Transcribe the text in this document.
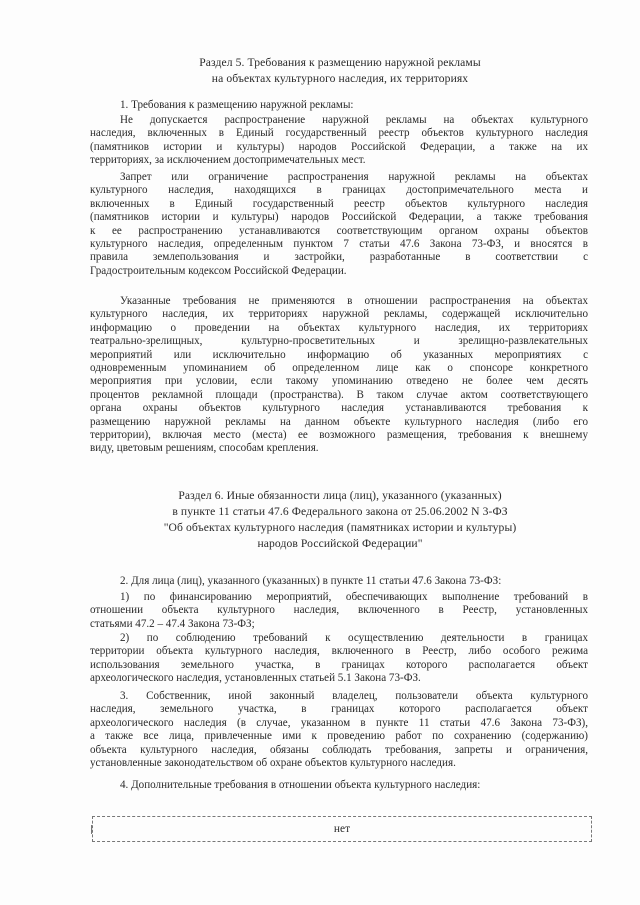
Раздел 5. Требования к размещению наружной рекламы
на объектах культурного наследия, их территориях
1. Требования к размещению наружной рекламы:
Не допускается распространение наружной рекламы на объектах культурного
наследия, включенных в Единый государственный реестр объектов культурного наследия
(памятников истории и культуры) народов Российской Федерации, а также на их
территориях, за исключением достопримечательных мест.
Запрет или ограничение распространения наружной рекламы на объектах
культурного наследия, находящихся в границах достопримечательного места и
включенных в Единый государственный реестр объектов культурного наследия
(памятников истории и культуры) народов Российской Федерации, а также требования
к ее распространению устанавливаются соответствующим органом охраны объектов
культурного наследия, определенным пунктом 7 статьи 47.6 Закона 73-ФЗ, и вносятся в
правила землепользования и застройки, разработанные в соответствии с
Градостроительным кодексом Российской Федерации.
Указанные требования не применяются в отношении распространения на объектах
культурного наследия, их территориях наружной рекламы, содержащей исключительно
информацию о проведении на объектах культурного наследия, их территориях
театрально-зрелищных, культурно-просветительных и зрелищно-развлекательных
мероприятий или исключительно информацию об указанных мероприятиях с
одновременным упоминанием об определенном лице как о спонсоре конкретного
мероприятия при условии, если такому упоминанию отведено не более чем десять
процентов рекламной площади (пространства). В таком случае актом соответствующего
органа охраны объектов культурного наследия устанавливаются требования к
размещению наружной рекламы на данном объекте культурного наследия (либо его
территории), включая место (места) ее возможного размещения, требования к внешнему
виду, цветовым решениям, способам крепления.
Раздел 6. Иные обязанности лица (лиц), указанного (указанных)
в пункте 11 статьи 47.6 Федерального закона от 25.06.2002 N 3-ФЗ
"Об объектах культурного наследия (памятниках истории и культуры)
народов Российской Федерации"
2. Для лица (лиц), указанного (указанных) в пункте 11 статьи 47.6 Закона 73-ФЗ:
1) по финансированию мероприятий, обеспечивающих выполнение требований в
отношении объекта культурного наследия, включенного в Реестр, установленных
статьями 47.2 – 47.4 Закона 73-ФЗ;
2) по соблюдению требований к осуществлению деятельности в границах
территории объекта культурного наследия, включенного в Реестр, либо особого режима
использования земельного участка, в границах которого располагается объект
археологического наследия, установленных статьей 5.1 Закона 73-ФЗ.
3. Собственник, иной законный владелец, пользователи объекта культурного
наследия, земельного участка, в границах которого располагается объект
археологического наследия (в случае, указанном в пункте 11 статьи 47.6 Закона 73-ФЗ),
а также все лица, привлеченные ими к проведению работ по сохранению (содержанию)
объекта культурного наследия, обязаны соблюдать требования, запреты и ограничения,
установленные законодательством об охране объектов культурного наследия.
4. Дополнительные требования в отношении объекта культурного наследия:
нет
